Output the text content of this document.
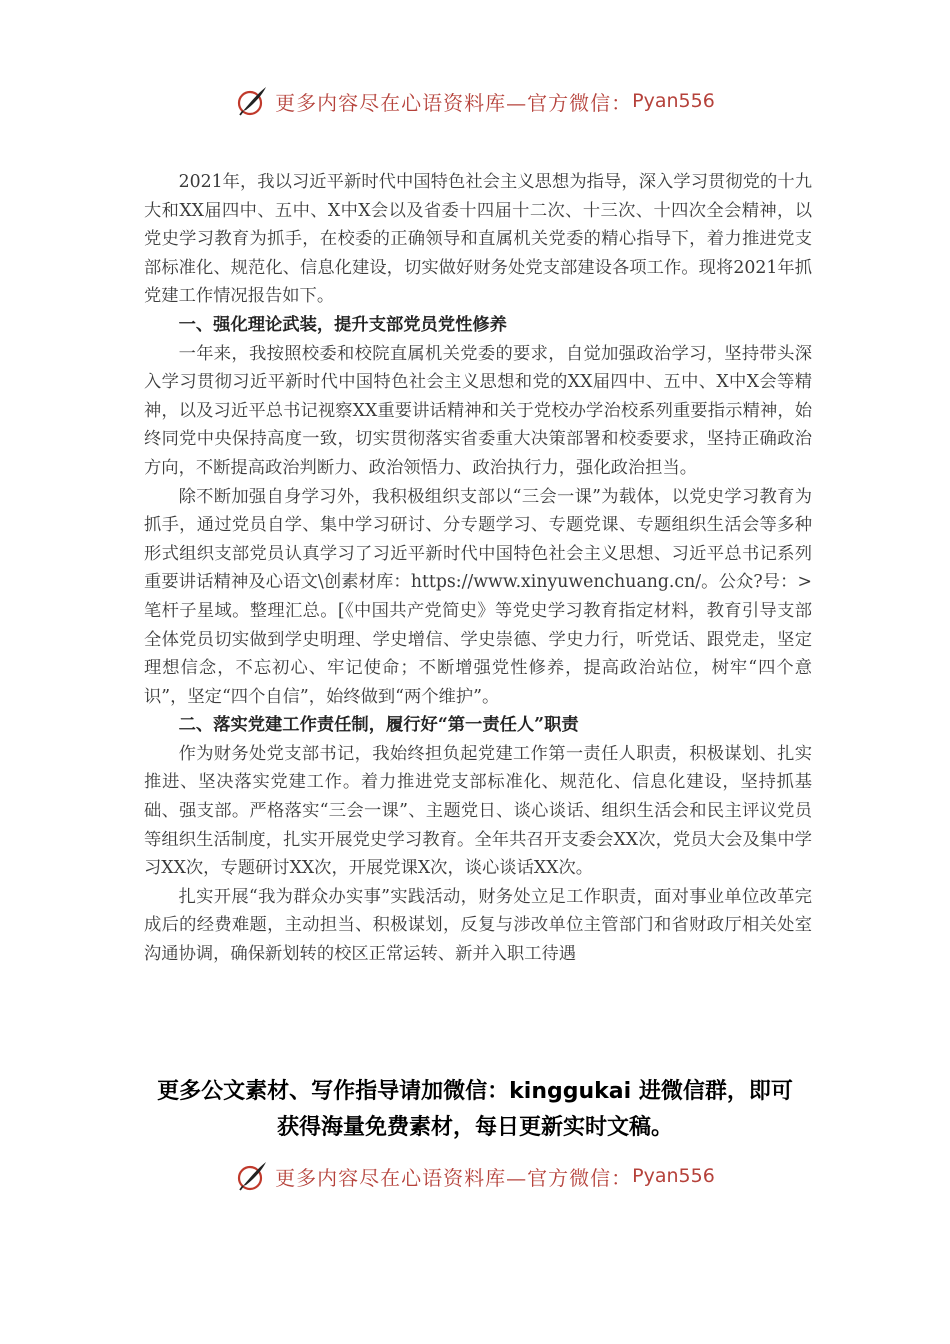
更多内容尽在心语资料库—官方微信： Pyan556

2021年，我以习近平新时代中国特色社会主义思想为指导，深入学习贯彻党的十九大和XX届四中、五中、X中X会以及省委十四届十二次、十三次、十四次全会精神，以党史学习教育为抓手，在校委的正确领导和直属机关党委的精心指导下，着力推进党支部标准化、规范化、信息化建设，切实做好财务处党支部建设各项工作。现将2021年抓党建工作情况报告如下。

一、强化理论武装，提升支部党员党性修养

一年来，我按照校委和校院直属机关党委的要求，自觉加强政治学习，坚持带头深入学习贯彻习近平新时代中国特色社会主义思想和党的XX届四中、五中、X中X会等精神，以及习近平总书记视察XX重要讲话精神和关于党校办学治校系列重要指示精神，始终同党中央保持高度一致，切实贯彻落实省委重大决策部署和校委要求，坚持正确政治方向，不断提高政治判断力、政治领悟力、政治执行力，强化政治担当。

除不断加强自身学习外，我积极组织支部以“三会一课”为载体，以党史学习教育为抓手，通过党员自学、集中学习研讨、分专题学习、专题党课、专题组织生活会等多种形式组织支部党员认真学习了习近平新时代中国特色社会主义思想、习近平总书记系列重要讲话精神及心语文\创素材库：https://www.xinyuwenchuang.cn/。公众?号：>笔杆子星域。整理汇总。[《中国共产党简史》等党史学习教育指定材料，教育引导支部全体党员切实做到学史明理、学史增信、学史崇德、学史力行，听党话、跟党走，坚定理想信念，不忘初心、牢记使命；不断增强党性修养，提高政治站位，树牢“四个意识”，坚定“四个自信”，始终做到“两个维护”。

二、落实党建工作责任制，履行好“第一责任人”职责

作为财务处党支部书记，我始终担负起党建工作第一责任人职责，积极谋划、扎实推进、坚决落实党建工作。着力推进党支部标准化、规范化、信息化建设，坚持抓基础、强支部。严格落实“三会一课”、主题党日、谈心谈话、组织生活会和民主评议党员等组织生活制度，扎实开展党史学习教育。全年共召开支委会XX次，党员大会及集中学习XX次，专题研讨XX次，开展党课X次，谈心谈话XX次。

扎实开展“我为群众办实事”实践活动，财务处立足工作职责，面对事业单位改革完成后的经费难题，主动担当、积极谋划，反复与涉改单位主管部门和省财政厅相关处室沟通协调，确保新划转的校区正常运转、新并入职工待遇

更多公文素材、写作指导请加微信：kinggukai 进微信群，即可
获得海量免费素材，每日更新实时文稿。
更多内容尽在心语资料库—官方微信： Pyan556
